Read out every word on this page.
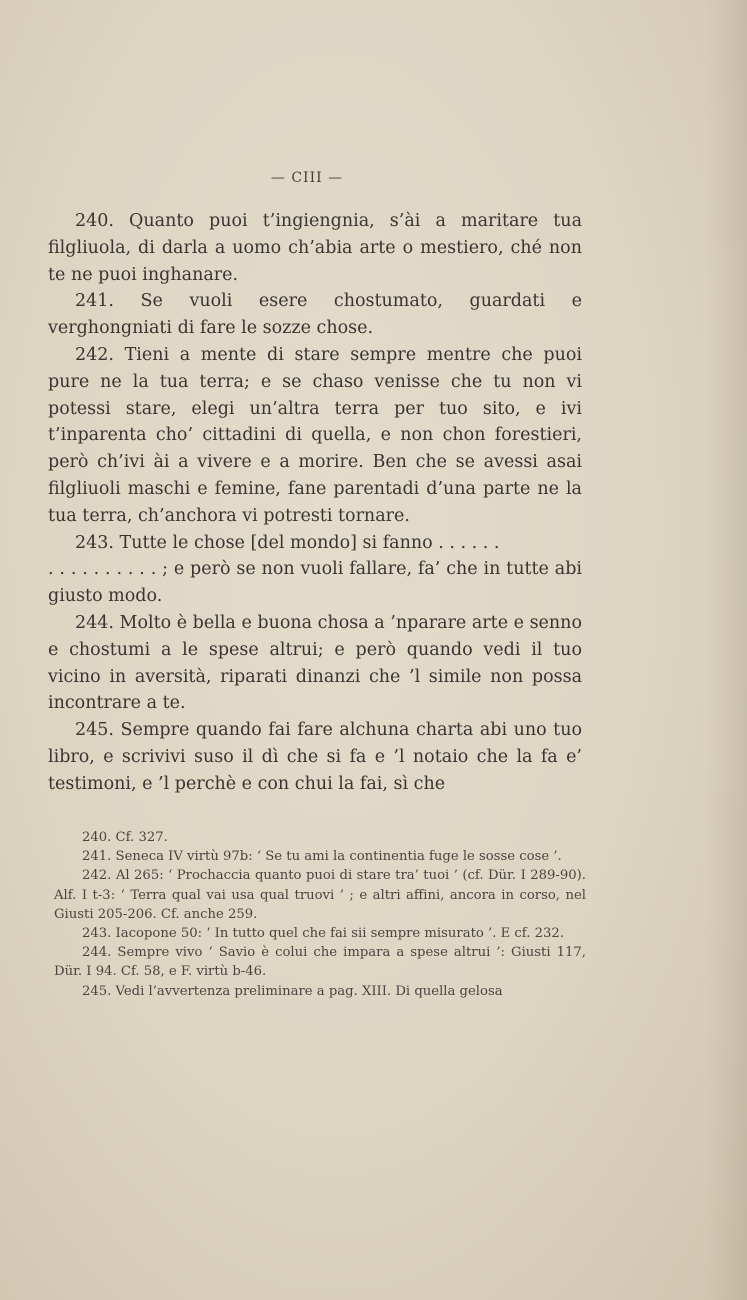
— CIII —

240. Quanto puoi t’ingiengnia, s’ài a maritare tua filgliuola, di darla a uomo ch’abia arte o mestiero, ché non te ne puoi inghanare.

241. Se vuoli esere chostumato, guardati e verghongniati di fare le sozze chose.

242. Tieni a mente di stare sempre mentre che puoi pure ne la tua terra; e se chaso venisse che tu non vi potessi stare, elegi un’altra terra per tuo sito, e ivi t’inparenta cho’ cittadini di quella, e non chon forestieri, però ch’ivi ài a vivere e a morire. Ben che se avessi asai filgliuoli maschi e femine, fane parentadi d’una parte ne la tua terra, ch’anchora vi potresti tornare.

243. Tutte le chose [del mondo] si fanno . . . . . .

. . . . . . . . . . ; e però se non vuoli fallare, fa’ che in tutte abi giusto modo.

244. Molto è bella e buona chosa a ’nparare arte e senno e chostumi a le spese altrui; e però quando vedi il tuo vicino in aversità, riparati dinanzi che ’l simile non possa incontrare a te.

245. Sempre quando fai fare alchuna charta abi uno tuo libro, e scrivivi suso il dì che si fa e ’l notaio che la fa e’ testimoni, e ’l perchè e con chui la fai, sì che

240. Cf. 327.

241. Seneca IV virtù 97b: ‘ Se tu ami la continentia fuge le sosse cose ’.

242. Al 265: ‘ Prochaccia quanto puoi di stare tra’ tuoi ’ (cf. Dür. I 289-90). Alf. I t-3: ‘ Terra qual vai usa qual truovi ’ ; e altri affini, ancora in corso, nel Giusti 205-206. Cf. anche 259.

243. Iacopone 50: ‘ In tutto quel che fai sii sempre misurato ’. E cf. 232.

244. Sempre vivo ‘ Savio è colui che impara a spese altrui ’: Giusti 117, Dür. I 94. Cf. 58, e F. virtù b-46.

245. Vedi l’avvertenza preliminare a pag. XIII. Di quella gelosa
